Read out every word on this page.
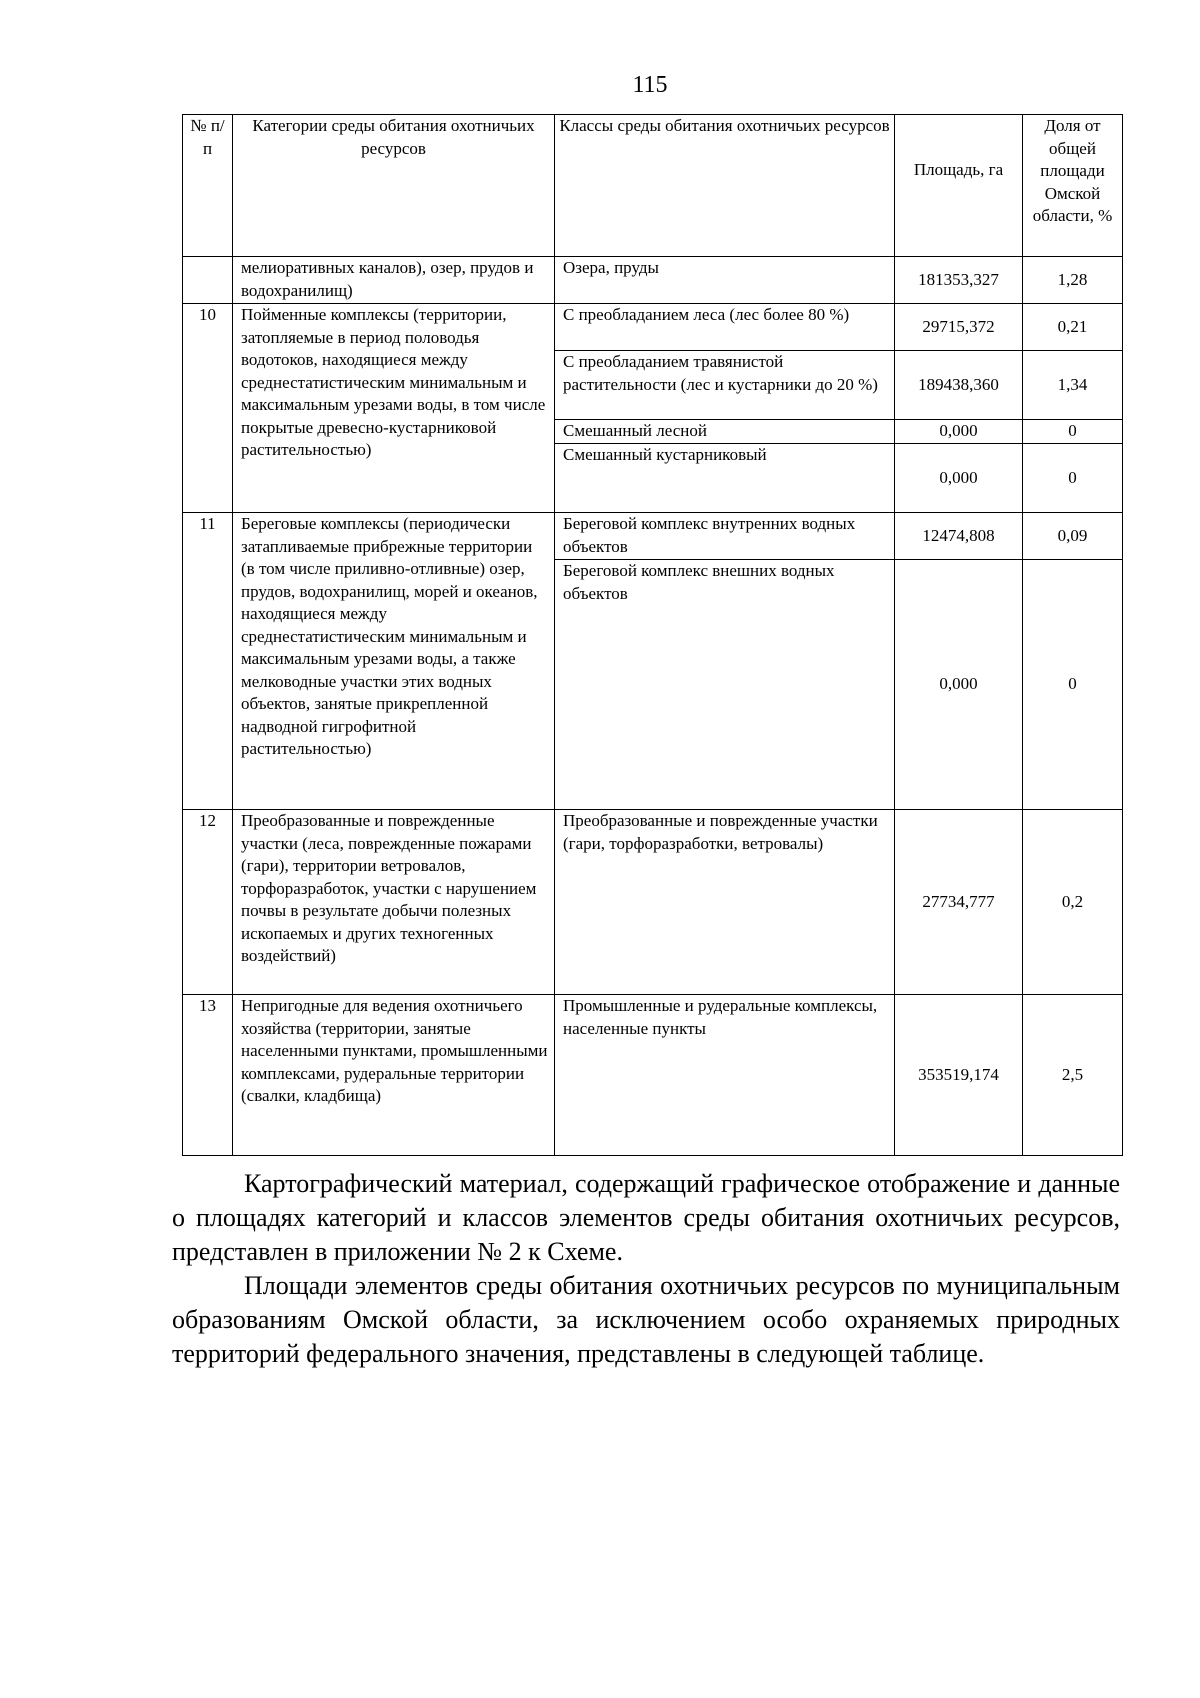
115
№ п/п	Категории среды обитания охотничьих ресурсов	Классы среды обитания охотничьих ресурсов	Площадь, га	Доля от общей площади Омской области, %
	мелиоративных каналов), озер, прудов и водохранилищ)	Озера, пруды	181353,327	1,28
10	Пойменные комплексы (территории, затопляемые в период половодья водотоков, находящиеся между среднестатистическим минимальным и максимальным урезами воды, в том числе покрытые древесно-кустарниковой растительностью)	С преобладанием леса (лес более 80 %)	29715,372	0,21
		С преобладанием травянистой растительности (лес и кустарники до 20 %)	189438,360	1,34
		Смешанный лесной	0,000	0
		Смешанный кустарниковый	0,000	0
11	Береговые комплексы (периодически затапливаемые прибрежные территории (в том числе приливно-отливные) озер, прудов, водохранилищ, морей и океанов, находящиеся между среднестатистическим минимальным и максимальным урезами воды, а также мелководные участки этих водных объектов, занятые прикрепленной надводной гигрофитной растительностью)	Береговой комплекс внутренних водных объектов	12474,808	0,09
		Береговой комплекс внешних водных объектов	0,000	0
12	Преобразованные и поврежденные участки (леса, поврежденные пожарами (гари), территории ветровалов, торфоразработок, участки с нарушением почвы в результате добычи полезных ископаемых и других техногенных воздействий)	Преобразованные и поврежденные участки (гари, торфоразработки, ветровалы)	27734,777	0,2
13	Непригодные для ведения охотничьего хозяйства (территории, занятые населенными пунктами, промышленными комплексами, рудеральные территории (свалки, кладбища)	Промышленные и рудеральные комплексы, населенные пункты	353519,174	2,5

Картографический материал, содержащий графическое отображение и данные о площадях категорий и классов элементов среды обитания охотничьих ресурсов, представлен в приложении № 2 к Схеме.

Площади элементов среды обитания охотничьих ресурсов по муниципальным образованиям Омской области, за исключением особо охраняемых природных территорий федерального значения, представлены в следующей таблице.
